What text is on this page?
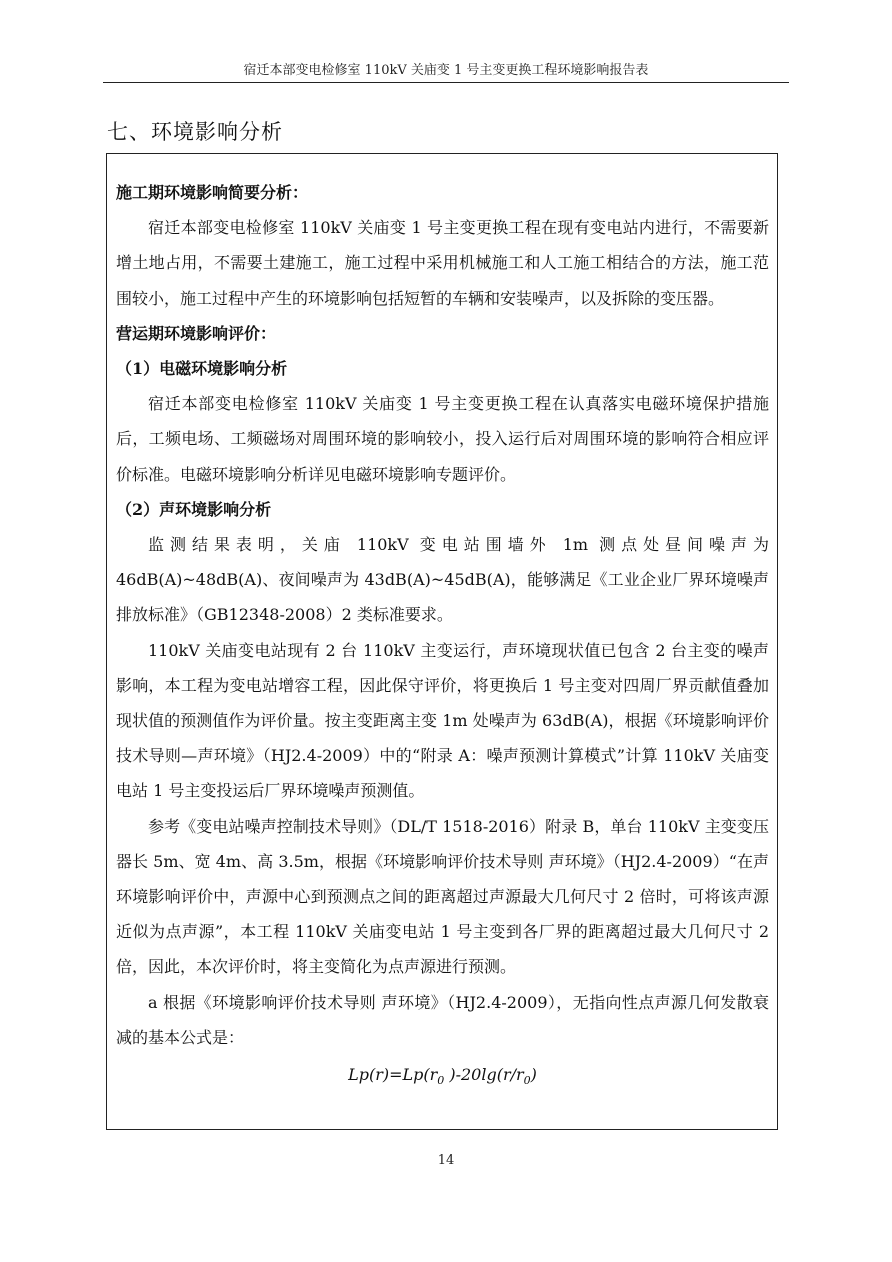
宿迁本部变电检修室 110kV 关庙变 1 号主变更换工程环境影响报告表
七、环境影响分析

施工期环境影响简要分析：

宿迁本部变电检修室 110kV 关庙变 1 号主变更换工程在现有变电站内进行，不需要新增土地占用，不需要土建施工，施工过程中采用机械施工和人工施工相结合的方法，施工范围较小，施工过程中产生的环境影响包括短暂的车辆和安装噪声，以及拆除的变压器。

营运期环境影响评价：

（1）电磁环境影响分析

宿迁本部变电检修室 110kV 关庙变 1 号主变更换工程在认真落实电磁环境保护措施后，工频电场、工频磁场对周围环境的影响较小，投入运行后对周围环境的影响符合相应评价标准。电磁环境影响分析详见电磁环境影响专题评价。

（2）声环境影响分析

监测结果表明，关庙 110kV 变电站围墙外 1m 测点处昼间噪声为 46dB(A)~48dB(A)、夜间噪声为 43dB(A)~45dB(A)，能够满足《工业企业厂界环境噪声排放标准》（GB12348-2008）2 类标准要求。

110kV 关庙变电站现有 2 台 110kV 主变运行，声环境现状值已包含 2 台主变的噪声影响，本工程为变电站增容工程，因此保守评价，将更换后 1 号主变对四周厂界贡献值叠加现状值的预测值作为评价量。按主变距离主变 1m 处噪声为 63dB(A)，根据《环境影响评价技术导则—声环境》（HJ2.4-2009）中的“附录 A：噪声预测计算模式”计算 110kV 关庙变电站 1 号主变投运后厂界环境噪声预测值。

参考《变电站噪声控制技术导则》（DL/T 1518-2016）附录 B，单台 110kV 主变变压器长 5m、宽 4m、高 3.5m，根据《环境影响评价技术导则 声环境》（HJ2.4-2009）“在声环境影响评价中，声源中心到预测点之间的距离超过声源最大几何尺寸 2 倍时，可将该声源近似为点声源”，本工程 110kV 关庙变电站 1 号主变到各厂界的距离超过最大几何尺寸 2 倍，因此，本次评价时，将主变简化为点声源进行预测。

a 根据《环境影响评价技术导则 声环境》（HJ2.4-2009），无指向性点声源几何发散衰减的基本公式是：

$Lp(r)=Lp(r_0$ )$-20\lg(r/r_0)$

14
